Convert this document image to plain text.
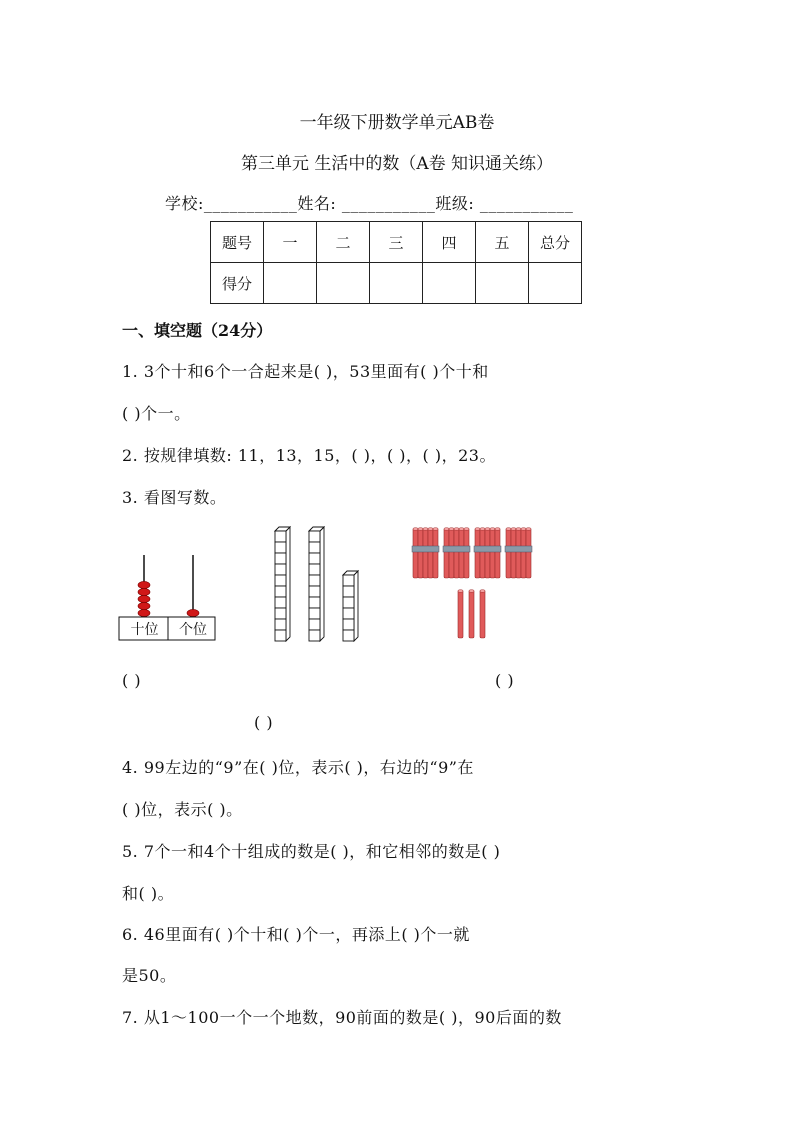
一年级下册数学单元AB卷
第三单元 生活中的数（A卷 知识通关练）
学校:___________姓名: ___________班级: ___________
题号	一	二	三	四	五	总分
得分						
一、填空题（24分）
1. 3个十和6个一合起来是( )，53里面有( )个十和
( )个一。
2. 按规律填数: 11，13，15，( )，( )，( )，23。
3. 看图写数。
十位	个位
( )	( )
( )
4. 99左边的“9”在( )位，表示( )，右边的“9”在
( )位，表示( )。
5. 7个一和4个十组成的数是( )，和它相邻的数是( )
和( )。
6. 46里面有( )个十和( )个一，再添上( )个一就
是50。
7. 从1～100一个一个地数，90前面的数是( )，90后面的数
